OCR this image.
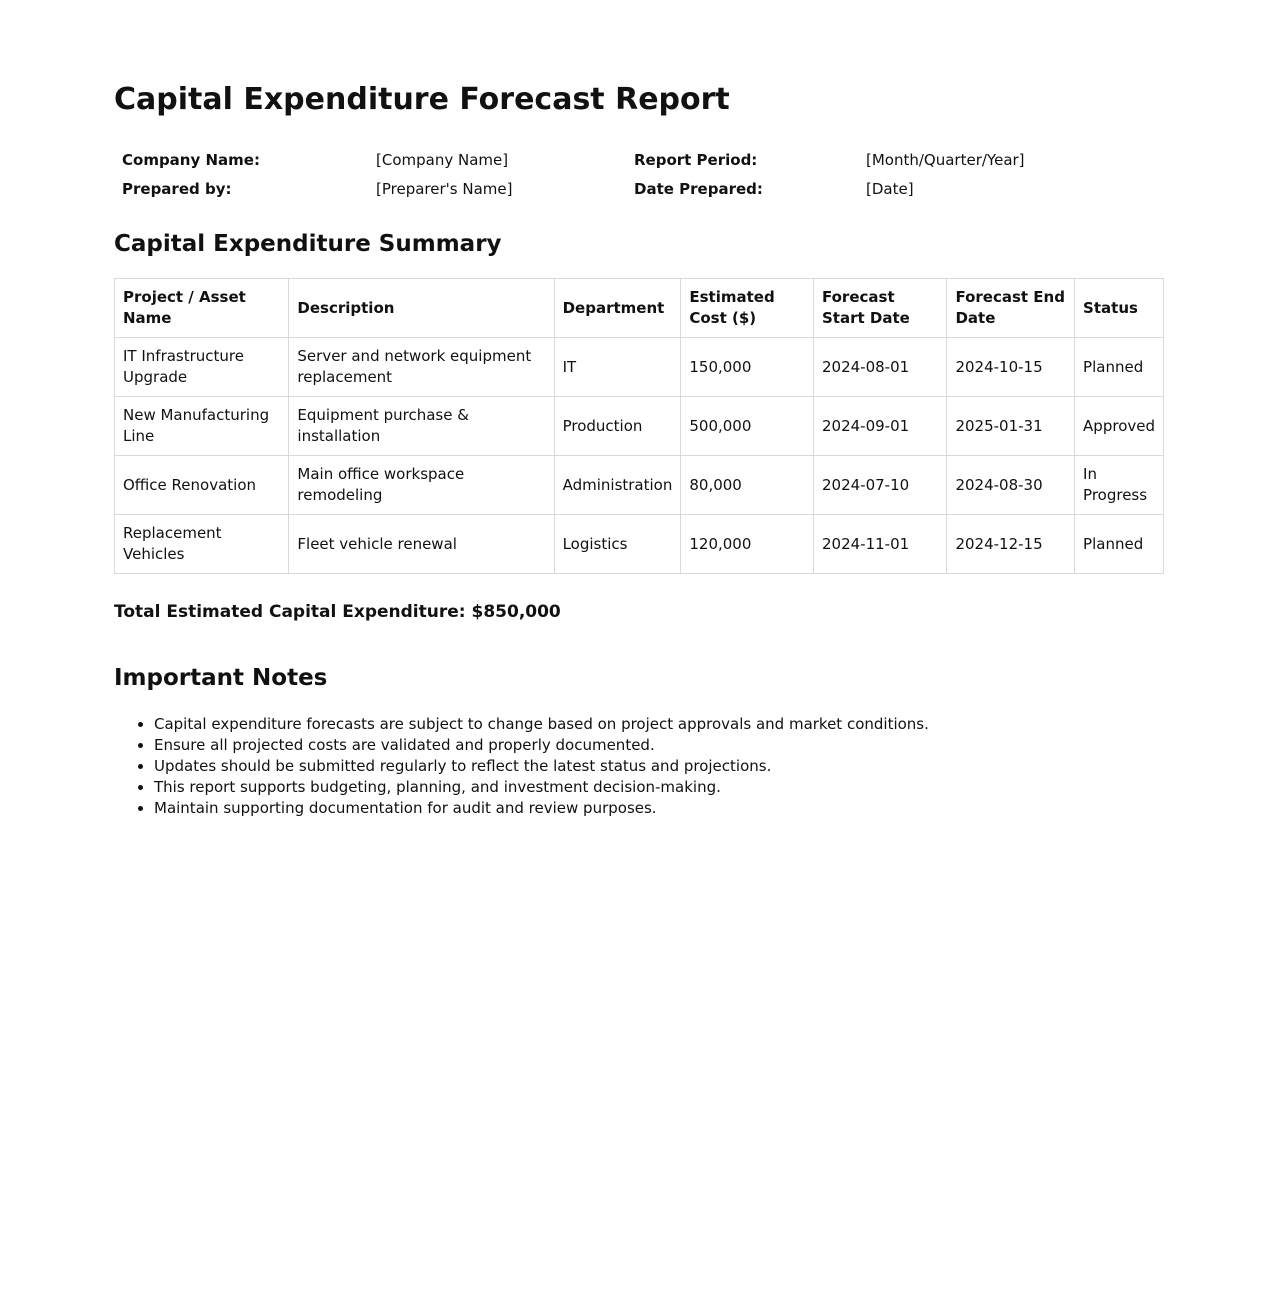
Capital Expenditure Forecast Report
Company Name:	[Company Name]	Report Period:	[Month/Quarter/Year]
Prepared by:	[Preparer's Name]	Date Prepared:	[Date]
Capital Expenditure Summary
Project / Asset Name	Description	Department	Estimated Cost ($)	Forecast Start Date	Forecast End Date	Status
IT Infrastructure Upgrade	Server and network equipment replacement	IT	150,000	2024-08-01	2024-10-15	Planned
New Manufacturing Line	Equipment purchase & installation	Production	500,000	2024-09-01	2025-01-31	Approved
Office Renovation	Main office workspace remodeling	Administration	80,000	2024-07-10	2024-08-30	In Progress
Replacement Vehicles	Fleet vehicle renewal	Logistics	120,000	2024-11-01	2024-12-15	Planned
Total Estimated Capital Expenditure: $850,000
Important Notes
• Capital expenditure forecasts are subject to change based on project approvals and market conditions.
• Ensure all projected costs are validated and properly documented.
• Updates should be submitted regularly to reflect the latest status and projections.
• This report supports budgeting, planning, and investment decision-making.
• Maintain supporting documentation for audit and review purposes.
